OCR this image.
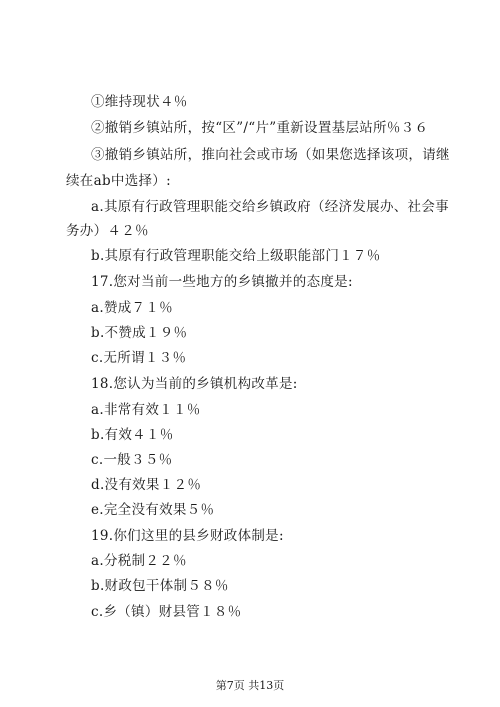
①维持现状４％
②撤销乡镇站所，按“区”/“片”重新设置基层站所％３６
③撤销乡镇站所，推向社会或市场（如果您选择该项，请继
续在ab中选择）:
a.其原有行政管理职能交给乡镇政府（经济发展办、社会事
务办）４２％
b.其原有行政管理职能交给上级职能部门１７％
17.您对当前一些地方的乡镇撤并的态度是:
a.赞成７１％
b.不赞成１９％
c.无所谓１３％
18.您认为当前的乡镇机构改革是:
a.非常有效１１％
b.有效４１％
c.一般３５％
d.没有效果１２％
e.完全没有效果５％
19.你们这里的县乡财政体制是:
a.分税制２２％
b.财政包干体制５８％
c.乡（镇）财县管１８％
第7页 共13页
